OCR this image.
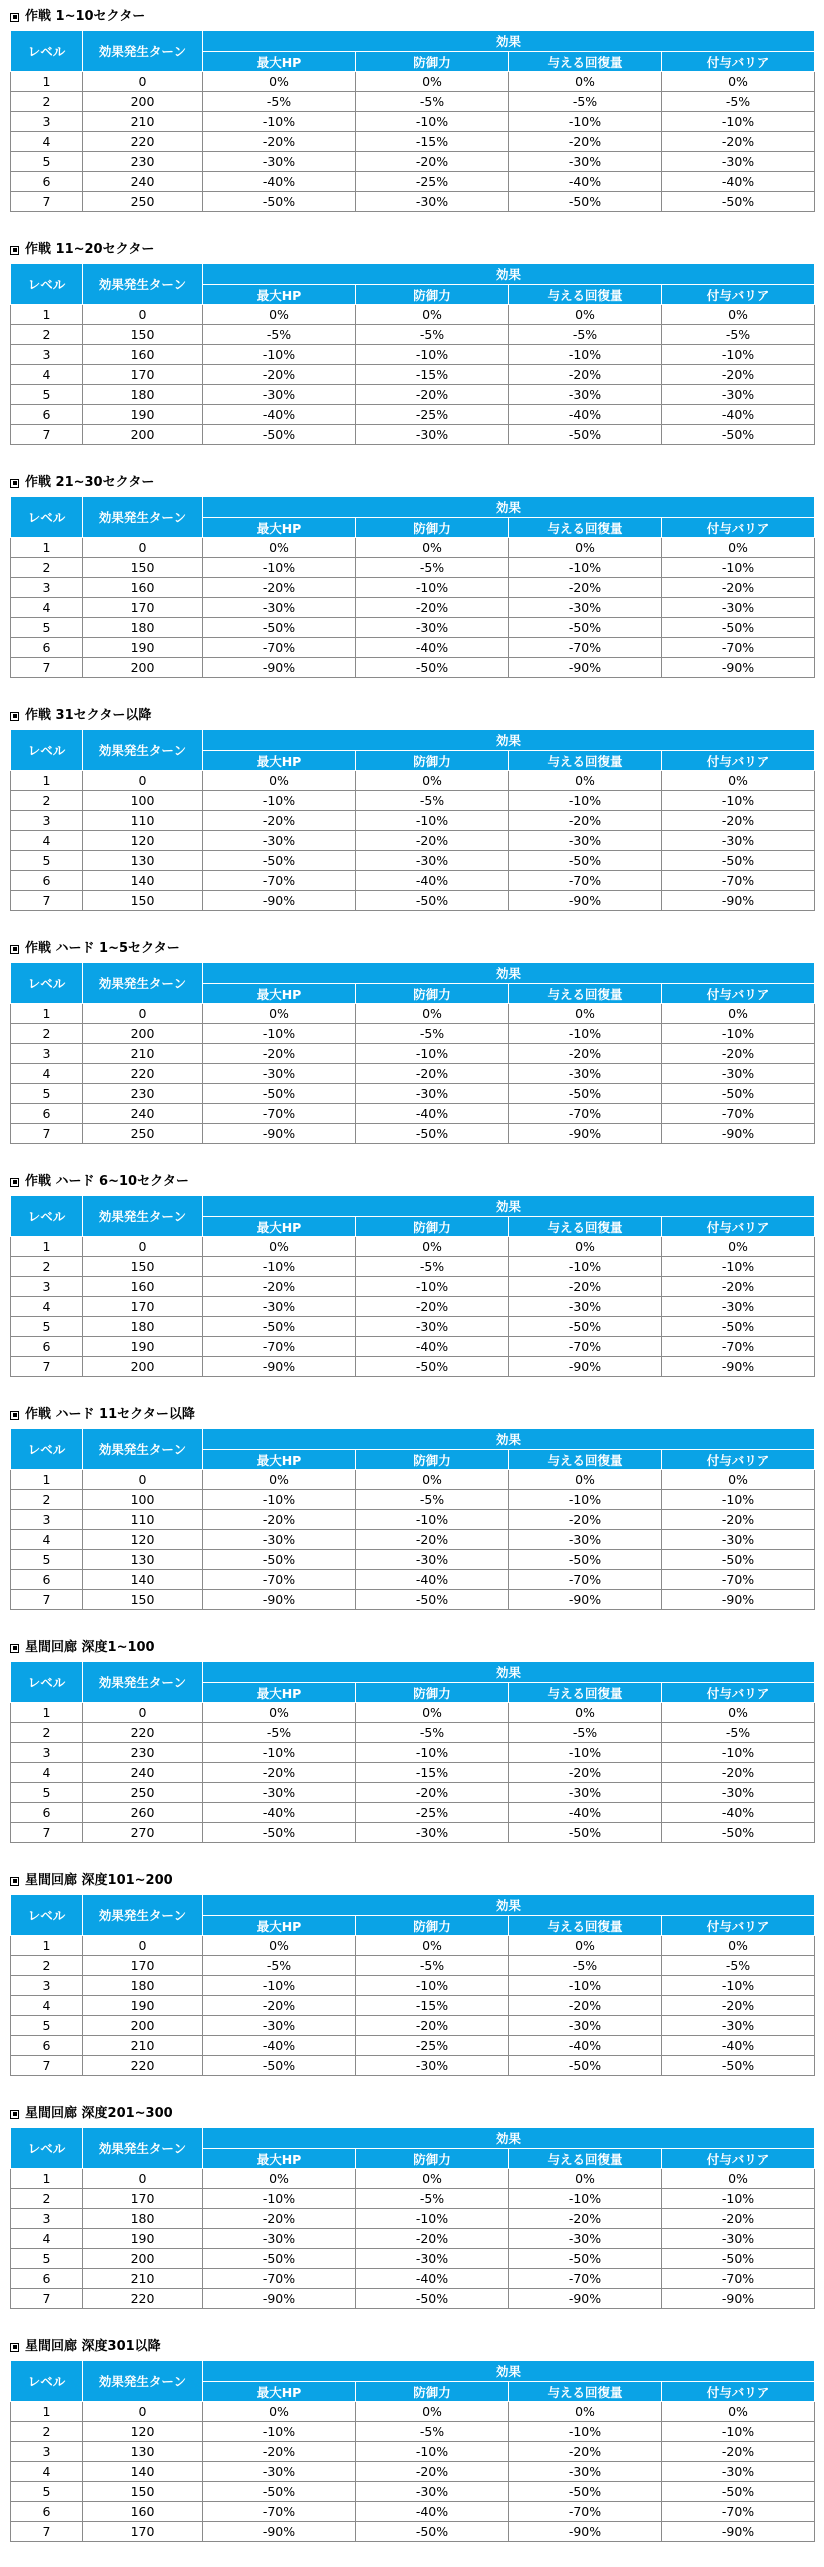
作戦 1~10セクター
レベル	効果発生ターン	効果			
		最大HP	防御力	与える回復量	付与バリア
1	0	0%	0%	0%	0%
2	200	-5%	-5%	-5%	-5%
3	210	-10%	-10%	-10%	-10%
4	220	-20%	-15%	-20%	-20%
5	230	-30%	-20%	-30%	-30%
6	240	-40%	-25%	-40%	-40%
7	250	-50%	-30%	-50%	-50%
作戦 11~20セクター
レベル	効果発生ターン	効果			
		最大HP	防御力	与える回復量	付与バリア
1	0	0%	0%	0%	0%
2	150	-5%	-5%	-5%	-5%
3	160	-10%	-10%	-10%	-10%
4	170	-20%	-15%	-20%	-20%
5	180	-30%	-20%	-30%	-30%
6	190	-40%	-25%	-40%	-40%
7	200	-50%	-30%	-50%	-50%
作戦 21~30セクター
レベル	効果発生ターン	効果			
		最大HP	防御力	与える回復量	付与バリア
1	0	0%	0%	0%	0%
2	150	-10%	-5%	-10%	-10%
3	160	-20%	-10%	-20%	-20%
4	170	-30%	-20%	-30%	-30%
5	180	-50%	-30%	-50%	-50%
6	190	-70%	-40%	-70%	-70%
7	200	-90%	-50%	-90%	-90%
作戦 31セクター以降
レベル	効果発生ターン	効果			
		最大HP	防御力	与える回復量	付与バリア
1	0	0%	0%	0%	0%
2	100	-10%	-5%	-10%	-10%
3	110	-20%	-10%	-20%	-20%
4	120	-30%	-20%	-30%	-30%
5	130	-50%	-30%	-50%	-50%
6	140	-70%	-40%	-70%	-70%
7	150	-90%	-50%	-90%	-90%
作戦 ハード 1~5セクター
レベル	効果発生ターン	効果			
		最大HP	防御力	与える回復量	付与バリア
1	0	0%	0%	0%	0%
2	200	-10%	-5%	-10%	-10%
3	210	-20%	-10%	-20%	-20%
4	220	-30%	-20%	-30%	-30%
5	230	-50%	-30%	-50%	-50%
6	240	-70%	-40%	-70%	-70%
7	250	-90%	-50%	-90%	-90%
作戦 ハード 6~10セクター
レベル	効果発生ターン	効果			
		最大HP	防御力	与える回復量	付与バリア
1	0	0%	0%	0%	0%
2	150	-10%	-5%	-10%	-10%
3	160	-20%	-10%	-20%	-20%
4	170	-30%	-20%	-30%	-30%
5	180	-50%	-30%	-50%	-50%
6	190	-70%	-40%	-70%	-70%
7	200	-90%	-50%	-90%	-90%
作戦 ハード 11セクター以降
レベル	効果発生ターン	効果			
		最大HP	防御力	与える回復量	付与バリア
1	0	0%	0%	0%	0%
2	100	-10%	-5%	-10%	-10%
3	110	-20%	-10%	-20%	-20%
4	120	-30%	-20%	-30%	-30%
5	130	-50%	-30%	-50%	-50%
6	140	-70%	-40%	-70%	-70%
7	150	-90%	-50%	-90%	-90%
星間回廊 深度1~100
レベル	効果発生ターン	効果			
		最大HP	防御力	与える回復量	付与バリア
1	0	0%	0%	0%	0%
2	220	-5%	-5%	-5%	-5%
3	230	-10%	-10%	-10%	-10%
4	240	-20%	-15%	-20%	-20%
5	250	-30%	-20%	-30%	-30%
6	260	-40%	-25%	-40%	-40%
7	270	-50%	-30%	-50%	-50%
星間回廊 深度101~200
レベル	効果発生ターン	効果			
		最大HP	防御力	与える回復量	付与バリア
1	0	0%	0%	0%	0%
2	170	-5%	-5%	-5%	-5%
3	180	-10%	-10%	-10%	-10%
4	190	-20%	-15%	-20%	-20%
5	200	-30%	-20%	-30%	-30%
6	210	-40%	-25%	-40%	-40%
7	220	-50%	-30%	-50%	-50%
星間回廊 深度201~300
レベル	効果発生ターン	効果			
		最大HP	防御力	与える回復量	付与バリア
1	0	0%	0%	0%	0%
2	170	-10%	-5%	-10%	-10%
3	180	-20%	-10%	-20%	-20%
4	190	-30%	-20%	-30%	-30%
5	200	-50%	-30%	-50%	-50%
6	210	-70%	-40%	-70%	-70%
7	220	-90%	-50%	-90%	-90%
星間回廊 深度301以降
レベル	効果発生ターン	効果			
		最大HP	防御力	与える回復量	付与バリア
1	0	0%	0%	0%	0%
2	120	-10%	-5%	-10%	-10%
3	130	-20%	-10%	-20%	-20%
4	140	-30%	-20%	-30%	-30%
5	150	-50%	-30%	-50%	-50%
6	160	-70%	-40%	-70%	-70%
7	170	-90%	-50%	-90%	-90%
